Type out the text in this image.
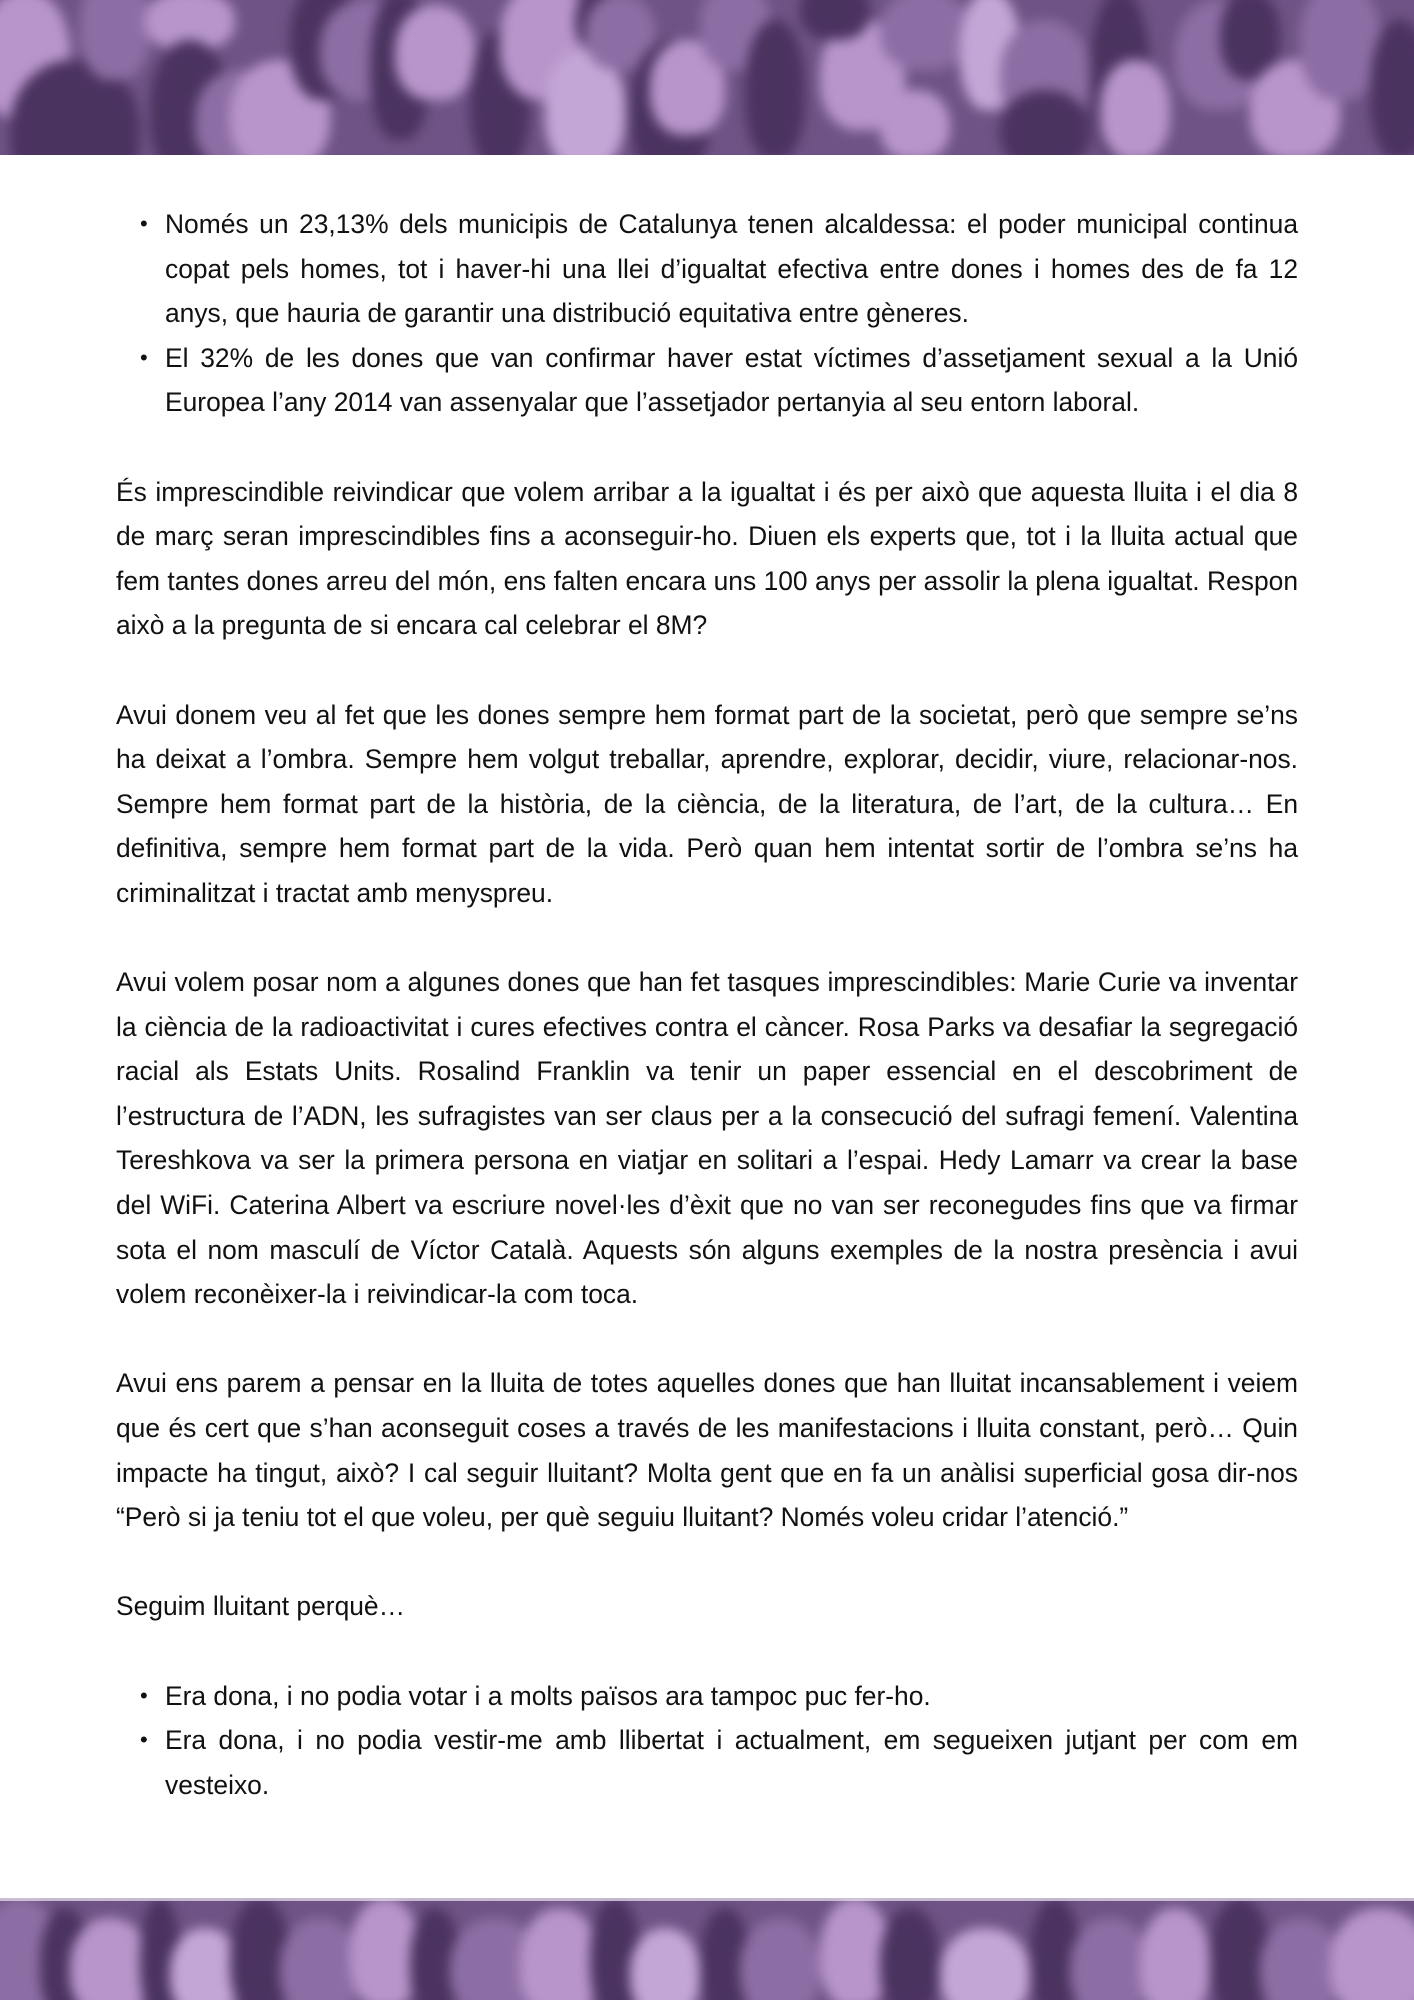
• Només un 23,13% dels municipis de Catalunya tenen alcaldessa: el poder municipal continua copat pels homes, tot i haver-hi una llei d’igualtat efectiva entre dones i homes des de fa 12 anys, que hauria de garantir una distribució equitativa entre gèneres.
• El 32% de les dones que van confirmar haver estat víctimes d’assetjament sexual a la Unió Europea l’any 2014 van assenyalar que l’assetjador pertanyia al seu entorn laboral.

És imprescindible reivindicar que volem arribar a la igualtat i és per això que aquesta lluita i el dia 8 de març seran imprescindibles fins a aconseguir-ho. Diuen els experts que, tot i la lluita actual que fem tantes dones arreu del món, ens falten encara uns 100 anys per assolir la plena igualtat. Respon això a la pregunta de si encara cal celebrar el 8M?

Avui donem veu al fet que les dones sempre hem format part de la societat, però que sempre se’ns ha deixat a l’ombra. Sempre hem volgut treballar, aprendre, explorar, decidir, viure, relacionar-nos. Sempre hem format part de la història, de la ciència, de la literatura, de l’art, de la cultura… En definitiva, sempre hem format part de la vida. Però quan hem intentat sortir de l’ombra se’ns ha criminalitzat i tractat amb menyspreu.

Avui volem posar nom a algunes dones que han fet tasques imprescindibles: Marie Curie va inventar la ciència de la radioactivitat i cures efectives contra el càncer. Rosa Parks va desafiar la segregació racial als Estats Units. Rosalind Franklin va tenir un paper essencial en el descobriment de l’estructura de l’ADN, les sufragistes van ser claus per a la consecució del sufragi femení. Valentina Tereshkova va ser la primera persona en viatjar en solitari a l’espai. Hedy Lamarr va crear la base del WiFi. Caterina Albert va escriure novel·les d’èxit que no van ser reconegudes fins que va firmar sota el nom masculí de Víctor Català. Aquests són alguns exemples de la nostra presència i avui volem reconèixer-la i reivindicar-la com toca.

Avui ens parem a pensar en la lluita de totes aquelles dones que han lluitat incansablement i veiem que és cert que s’han aconseguit coses a través de les manifestacions i lluita constant, però… Quin impacte ha tingut, això? I cal seguir lluitant? Molta gent que en fa un anàlisi superficial gosa dir-nos “Però si ja teniu tot el que voleu, per què seguiu lluitant? Només voleu cridar l’atenció.”

Seguim lluitant perquè…

• Era dona, i no podia votar i a molts països ara tampoc puc fer-ho.
• Era dona, i no podia vestir-me amb llibertat i actualment, em segueixen jutjant per com em vesteixo.
